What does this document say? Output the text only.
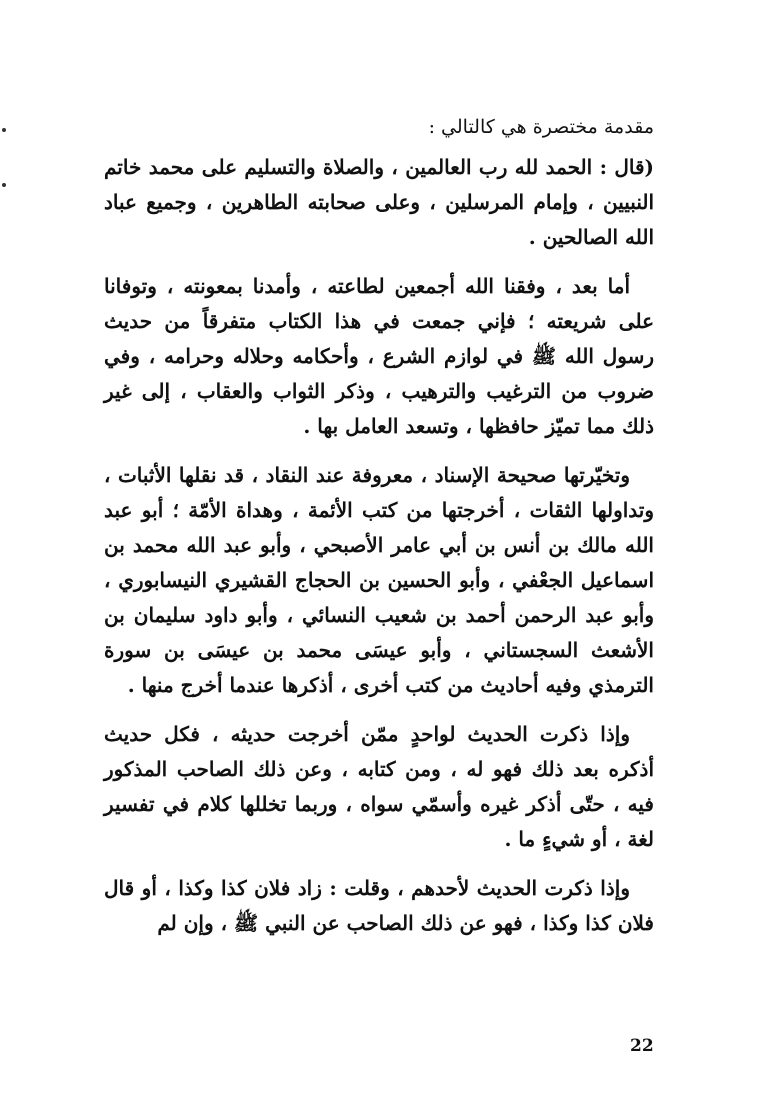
مقدمة مختصرة هي كالتالي :

(قال : الحمد لله رب العالمين ، والصلاة والتسليم على محمد خاتم النبيين ، وإمام المرسلين ، وعلى صحابته الطاهرين ، وجميع عباد الله الصالحين .

أما بعد ، وفقنا الله أجمعين لطاعته ، وأمدنا بمعونته ، وتوفانا على شريعته ؛ فإني جمعت في هذا الكتاب متفرقاً من حديث رسول الله ﷺ في لوازم الشرع ، وأحكامه وحلاله وحرامه ، وفي ضروب من الترغيب والترهيب ، وذكر الثواب والعقاب ، إلى غير ذلك مما تميّز حافظها ، وتسعد العامل بها .

وتخيّرتها صحيحة الإسناد ، معروفة عند النقاد ، قد نقلها الأثبات ، وتداولها الثقات ، أخرجتها من كتب الأئمة ، وهداة الأمّة ؛ أبو عبد الله مالك بن أنس بن أبي عامر الأصبحي ، وأبو عبد الله محمد بن اسماعيل الجعْفي ، وأبو الحسين بن الحجاج القشيري النيسابوري ، وأبو عبد الرحمن أحمد بن شعيب النسائي ، وأبو داود سليمان بن الأشعث السجستاني ، وأبو عيسَى محمد بن عيسَى بن سورة الترمذي وفيه أحاديث من كتب أخرى ، أذكرها عندما أخرج منها .

وإذا ذكرت الحديث لواحدٍ ممّن أخرجت حديثه ، فكل حديث أذكره بعد ذلك فهو له ، ومن كتابه ، وعن ذلك الصاحب المذكور فيه ، حتّى أذكر غيره وأسمّي سواه ، وربما تخللها كلام في تفسير لغة ، أو شيءٍ ما .

وإذا ذكرت الحديث لأحدهم ، وقلت : زاد فلان كذا وكذا ، أو قال فلان كذا وكذا ، فهو عن ذلك الصاحب عن النبي ﷺ ، وإن لم

22
